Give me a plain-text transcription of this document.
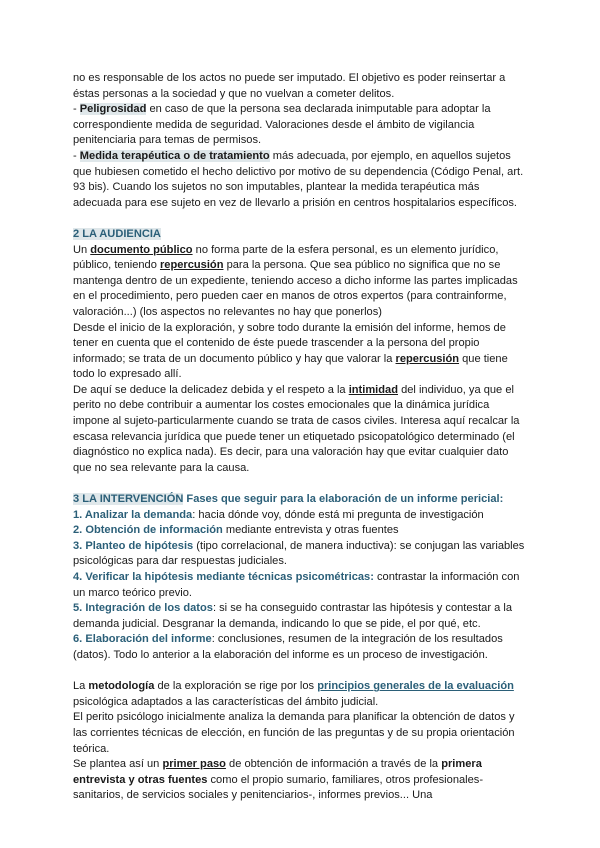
no es responsable de los actos no puede ser imputado. El objetivo es poder reinsertar a éstas personas a la sociedad y que no vuelvan a cometer delitos.

- Peligrosidad en caso de que la persona sea declarada inimputable para adoptar la correspondiente medida de seguridad. Valoraciones desde el ámbito de vigilancia penitenciaria para temas de permisos.

- Medida terapéutica o de tratamiento más adecuada, por ejemplo, en aquellos sujetos que hubiesen cometido el hecho delictivo por motivo de su dependencia (Código Penal, art. 93 bis). Cuando los sujetos no son imputables, plantear la medida terapéutica más adecuada para ese sujeto en vez de llevarlo a prisión en centros hospitalarios específicos.

2 LA AUDIENCIA

Un documento público no forma parte de la esfera personal, es un elemento jurídico, público, teniendo repercusión para la persona. Que sea público no significa que no se mantenga dentro de un expediente, teniendo acceso a dicho informe las partes implicadas en el procedimiento, pero pueden caer en manos de otros expertos (para contrainforme, valoración...) (los aspectos no relevantes no hay que ponerlos)

Desde el inicio de la exploración, y sobre todo durante la emisión del informe, hemos de tener en cuenta que el contenido de éste puede trascender a la persona del propio informado; se trata de un documento público y hay que valorar la repercusión que tiene todo lo expresado allí.

De aquí se deduce la delicadez debida y el respeto a la intimidad del individuo, ya que el perito no debe contribuir a aumentar los costes emocionales que la dinámica jurídica impone al sujeto-particularmente cuando se trata de casos civiles. Interesa aquí recalcar la escasa relevancia jurídica que puede tener un etiquetado psicopatológico determinado (el diagnóstico no explica nada). Es decir, para una valoración hay que evitar cualquier dato que no sea relevante para la causa.

3 LA INTERVENCIÓN Fases que seguir para la elaboración de un informe pericial:

1. Analizar la demanda: hacia dónde voy, dónde está mi pregunta de investigación

2. Obtención de información mediante entrevista y otras fuentes

3. Planteo de hipótesis (tipo correlacional, de manera inductiva): se conjugan las variables psicológicas para dar respuestas judiciales.

4. Verificar la hipótesis mediante técnicas psicométricas: contrastar la información con un marco teórico previo.

5. Integración de los datos: si se ha conseguido contrastar las hipótesis y contestar a la demanda judicial. Desgranar la demanda, indicando lo que se pide, el por qué, etc.

6. Elaboración del informe: conclusiones, resumen de la integración de los resultados (datos). Todo lo anterior a la elaboración del informe es un proceso de investigación.

La metodología de la exploración se rige por los principios generales de la evaluación psicológica adaptados a las características del ámbito judicial.

El perito psicólogo inicialmente analiza la demanda para planificar la obtención de datos y las corrientes técnicas de elección, en función de las preguntas y de su propia orientación teórica.

Se plantea así un primer paso de obtención de información a través de la primera entrevista y otras fuentes como el propio sumario, familiares, otros profesionales-sanitarios, de servicios sociales y penitenciarios-, informes previos... Una
